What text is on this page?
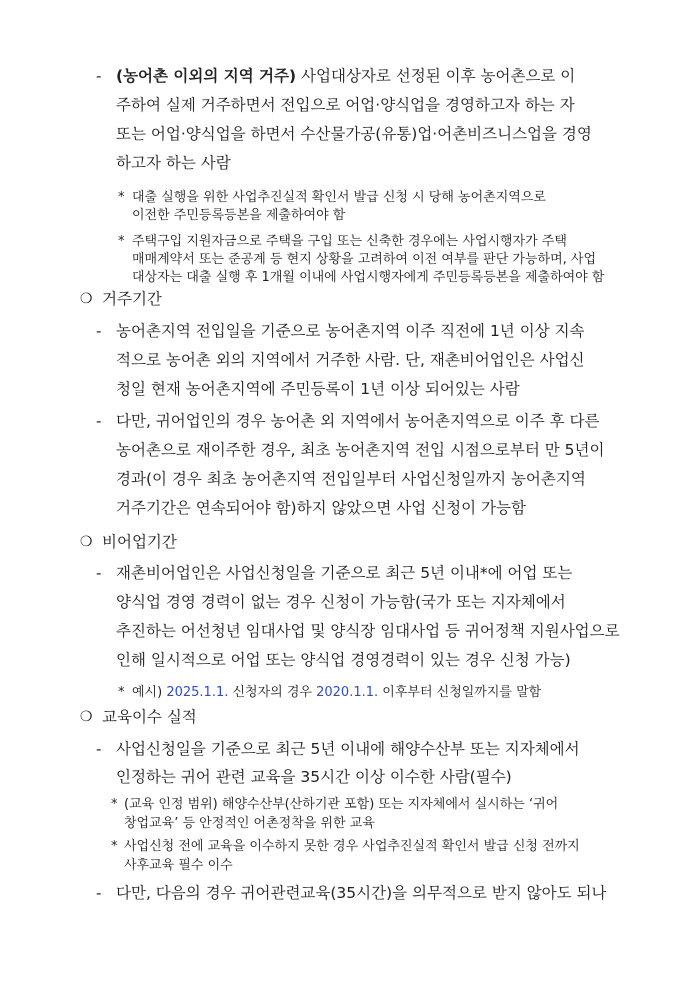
- (농어촌 이외의 지역 거주) 사업대상자로 선정된 이후 농어촌으로 이
주하여 실제 거주하면서 전입으로 어업·양식업을 경영하고자 하는 자
또는 어업·양식업을 하면서 수산물가공(유통)업·어촌비즈니스업을 경영
하고자 하는 사람
* 대출 실행을 위한 사업추진실적 확인서 발급 신청 시 당해 농어촌지역으로
이전한 주민등록등본을 제출하여야 함
* 주택구입 지원자금으로 주택을 구입 또는 신축한 경우에는 사업시행자가 주택
매매계약서 또는 준공계 등 현지 상황을 고려하여 이전 여부를 판단 가능하며, 사업
대상자는 대출 실행 후 1개월 이내에 사업시행자에게 주민등록등본을 제출하여야 함
❍ 거주기간
- 농어촌지역 전입일을 기준으로 농어촌지역 이주 직전에 1년 이상 지속
적으로 농어촌 외의 지역에서 거주한 사람. 단, 재촌비어업인은 사업신
청일 현재 농어촌지역에 주민등록이 1년 이상 되어있는 사람
- 다만, 귀어업인의 경우 농어촌 외 지역에서 농어촌지역으로 이주 후 다른
농어촌으로 재이주한 경우, 최초 농어촌지역 전입 시점으로부터 만 5년이
경과(이 경우 최초 농어촌지역 전입일부터 사업신청일까지 농어촌지역
거주기간은 연속되어야 함)하지 않았으면 사업 신청이 가능함
❍ 비어업기간
- 재촌비어업인은 사업신청일을 기준으로 최근 5년 이내*에 어업 또는
양식업 경영 경력이 없는 경우 신청이 가능함(국가 또는 지자체에서
추진하는 어선청년 임대사업 및 양식장 임대사업 등 귀어정책 지원사업으로
인해 일시적으로 어업 또는 양식업 경영경력이 있는 경우 신청 가능)
* 예시) 2025.1.1. 신청자의 경우 2020.1.1. 이후부터 신청일까지를 말함
❍ 교육이수 실적
- 사업신청일을 기준으로 최근 5년 이내에 해양수산부 또는 지자체에서
인정하는 귀어 관련 교육을 35시간 이상 이수한 사람(필수)
* (교육 인정 범위) 해양수산부(산하기관 포함) 또는 지자체에서 실시하는 ‘귀어
창업교육’ 등 안정적인 어촌정착을 위한 교육
* 사업신청 전에 교육을 이수하지 못한 경우 사업추진실적 확인서 발급 신청 전까지
사후교육 필수 이수
- 다만, 다음의 경우 귀어관련교육(35시간)을 의무적으로 받지 않아도 되나
